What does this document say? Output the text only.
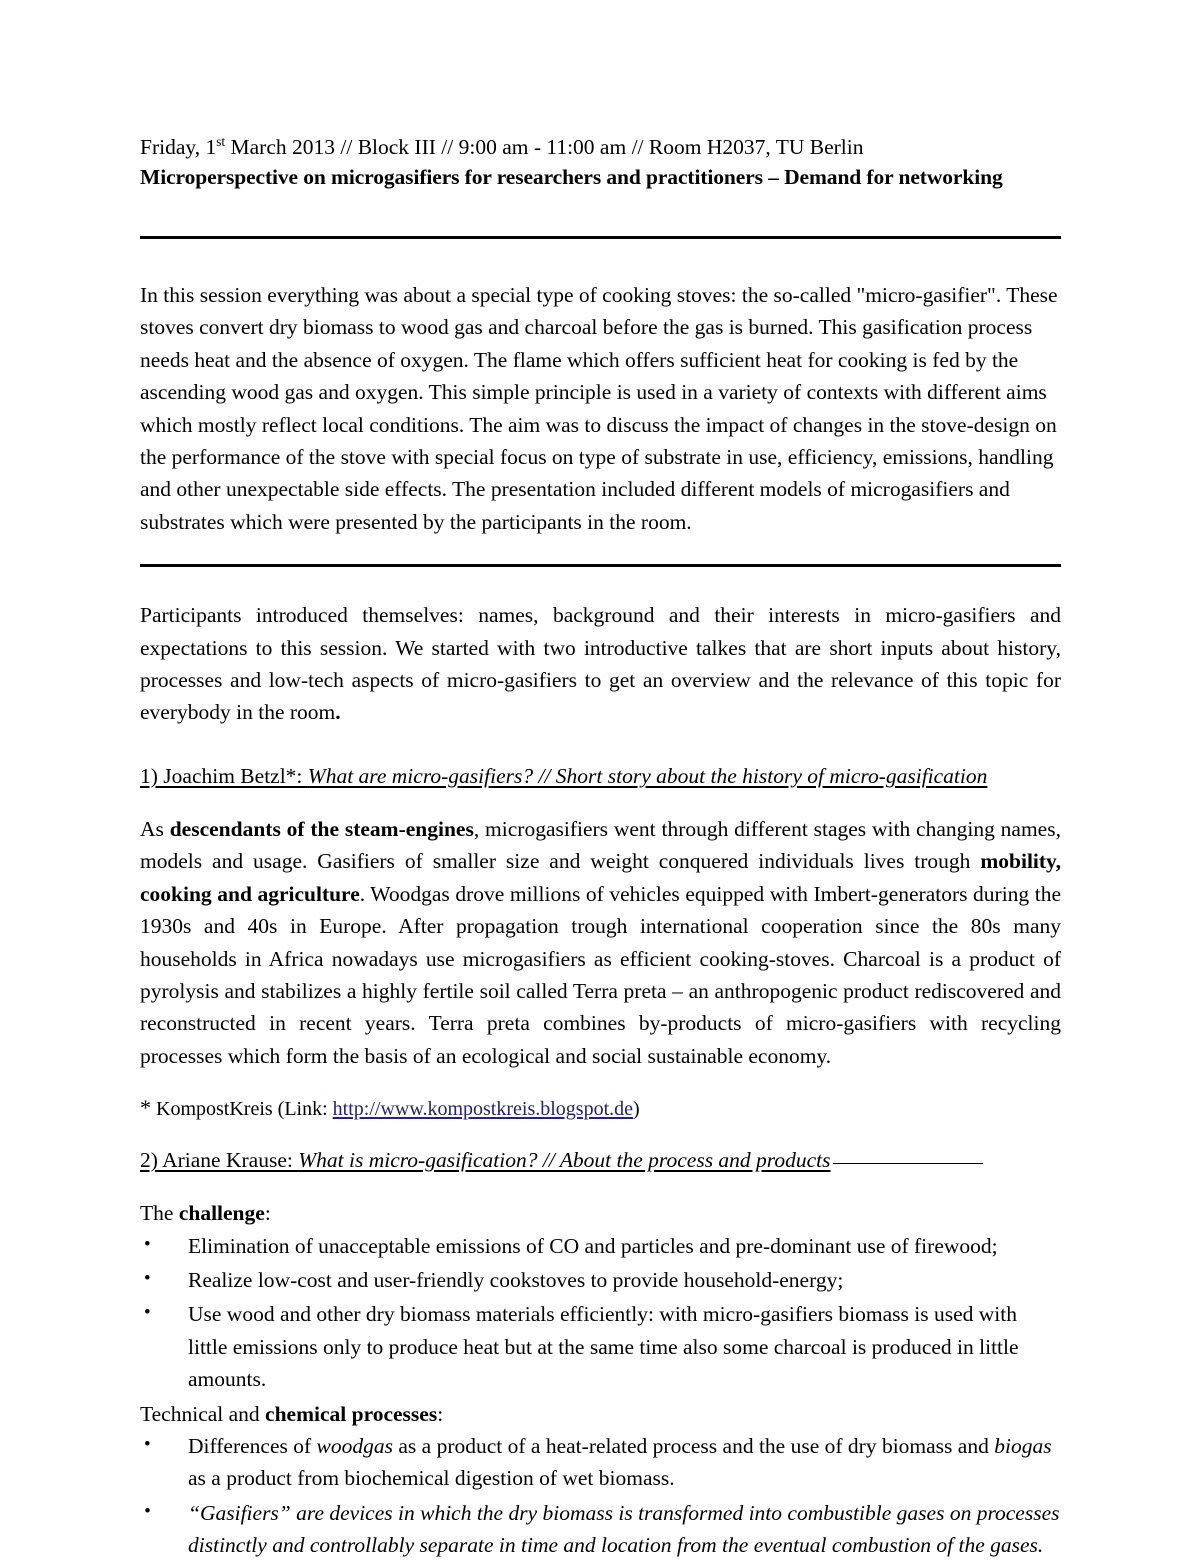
Friday, 1st March 2013 // Block III // 9:00 am - 11:00 am // Room H2037, TU Berlin
Microperspective on microgasifiers for researchers and practitioners – Demand for networking

In this session everything was about a special type of cooking stoves: the so-called "micro-gasifier". These stoves convert dry biomass to wood gas and charcoal before the gas is burned. This gasification process needs heat and the absence of oxygen. The flame which offers sufficient heat for cooking is fed by the ascending wood gas and oxygen. This simple principle is used in a variety of contexts with different aims which mostly reflect local conditions. The aim was to discuss the impact of changes in the stove-design on the performance of the stove with special focus on type of substrate in use, efficiency, emissions, handling and other unexpectable side effects. The presentation included different models of microgasifiers and substrates which were presented by the participants in the room.

Participants introduced themselves: names, background and their interests in micro-gasifiers and expectations to this session. We started with two introductive talkes that are short inputs about history, processes and low-tech aspects of micro-gasifiers to get an overview and the relevance of this topic for everybody in the room.

1) Joachim Betzl*: What are micro-gasifiers? // Short story about the history of micro-gasification

As descendants of the steam-engines, microgasifiers went through different stages with changing names, models and usage. Gasifiers of smaller size and weight conquered individuals lives trough mobility, cooking and agriculture. Woodgas drove millions of vehicles equipped with Imbert-generators during the 1930s and 40s in Europe. After propagation trough international cooperation since the 80s many households in Africa nowadays use microgasifiers as efficient cooking-stoves. Charcoal is a product of pyrolysis and stabilizes a highly fertile soil called Terra preta – an anthropogenic product rediscovered and reconstructed in recent years. Terra preta combines by-products of micro-gasifiers with recycling processes which form the basis of an ecological and social sustainable economy.

* KompostKreis (Link: http://www.kompostkreis.blogspot.de)

2) Ariane Krause: What is micro-gasification? // About the process and products

The challenge:

• Elimination of unacceptable emissions of CO and particles and pre-dominant use of firewood;
• Realize low-cost and user-friendly cookstoves to provide household-energy;
• Use wood and other dry biomass materials efficiently: with micro-gasifiers biomass is used with little emissions only to produce heat but at the same time also some charcoal is produced in little amounts.

Technical and chemical processes:

• Differences of woodgas as a product of a heat-related process and the use of dry biomass and biogas as a product from biochemical digestion of wet biomass.
• “Gasifiers” are devices in which the dry biomass is transformed into combustible gases on processes distinctly and controllably separate in time and location from the eventual combustion of the gases.
